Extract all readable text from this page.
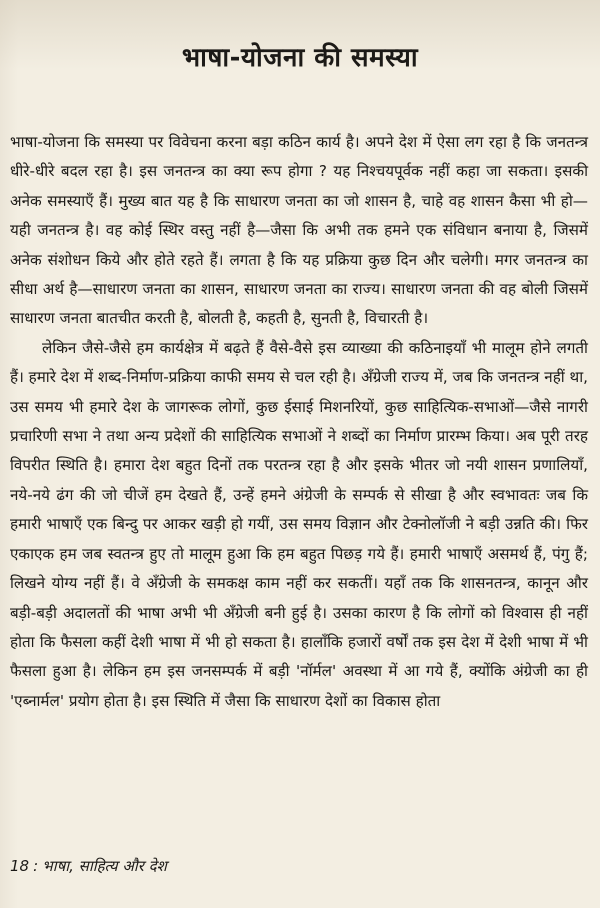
भाषा-योजना की समस्या

भाषा-योजना कि समस्या पर विवेचना करना बड़ा कठिन कार्य है। अपने देश में ऐसा लग रहा है कि जनतन्त्र धीरे-धीरे बदल रहा है। इस जनतन्त्र का क्या रूप होगा ? यह निश्चयपूर्वक नहीं कहा जा सकता। इसकी अनेक समस्याएँ हैं। मुख्य बात यह है कि साधारण जनता का जो शासन है, चाहे वह शासन कैसा भी हो—यही जनतन्त्र है। वह कोई स्थिर वस्तु नहीं है—जैसा कि अभी तक हमने एक संविधान बनाया है, जिसमें अनेक संशोधन किये और होते रहते हैं। लगता है कि यह प्रक्रिया कुछ दिन और चलेगी। मगर जनतन्त्र का सीधा अर्थ है—साधारण जनता का शासन, साधारण जनता का राज्य। साधारण जनता की वह बोली जिसमें साधारण जनता बातचीत करती है, बोलती है, कहती है, सुनती है, विचारती है।

लेकिन जैसे-जैसे हम कार्यक्षेत्र में बढ़ते हैं वैसे-वैसे इस व्याख्या की कठिनाइयाँ भी मालूम होने लगती हैं। हमारे देश में शब्द-निर्माण-प्रक्रिया काफी समय से चल रही है। अँग्रेजी राज्य में, जब कि जनतन्त्र नहीं था, उस समय भी हमारे देश के जागरूक लोगों, कुछ ईसाई मिशनरियों, कुछ साहित्यिक-सभाओं—जैसे नागरी प्रचारिणी सभा ने तथा अन्य प्रदेशों की साहित्यिक सभाओं ने शब्दों का निर्माण प्रारम्भ किया। अब पूरी तरह विपरीत स्थिति है। हमारा देश बहुत दिनों तक परतन्त्र रहा है और इसके भीतर जो नयी शासन प्रणालियाँ, नये-नये ढंग की जो चीजें हम देखते हैं, उन्हें हमने अंग्रेजी के सम्पर्क से सीखा है और स्वभावतः जब कि हमारी भाषाएँ एक बिन्दु पर आकर खड़ी हो गयीं, उस समय विज्ञान और टेक्नोलॉजी ने बड़ी उन्नति की। फिर एकाएक हम जब स्वतन्त्र हुए तो मालूम हुआ कि हम बहुत पिछड़ गये हैं। हमारी भाषाएँ असमर्थ हैं, पंगु हैं; लिखने योग्य नहीं हैं। वे अँग्रेजी के समकक्ष काम नहीं कर सकतीं। यहाँ तक कि शासनतन्त्र, कानून और बड़ी-बड़ी अदालतों की भाषा अभी भी अँग्रेजी बनी हुई है। उसका कारण है कि लोगों को विश्वास ही नहीं होता कि फैसला कहीं देशी भाषा में भी हो सकता है। हालाँकि हजारों वर्षों तक इस देश में देशी भाषा में भी फैसला हुआ है। लेकिन हम इस जनसम्पर्क में बड़ी 'नॉर्मल' अवस्था में आ गये हैं, क्योंकि अंग्रेजी का ही 'एब्नार्मल' प्रयोग होता है। इस स्थिति में जैसा कि साधारण देशों का विकास होता

18 : भाषा, साहित्य और देश
